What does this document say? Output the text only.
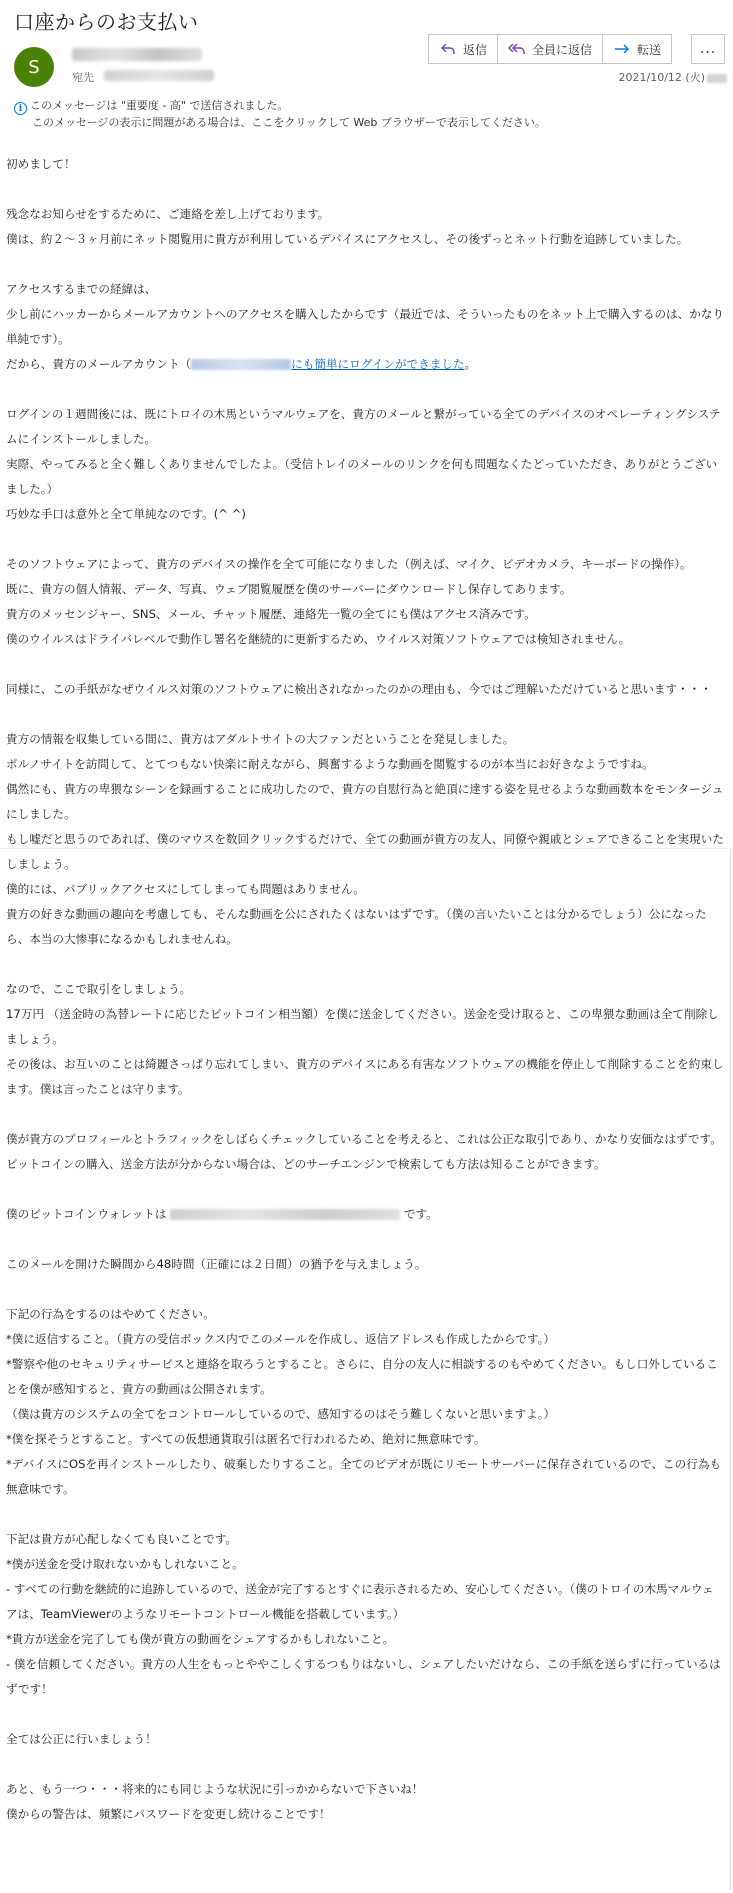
口座からのお支払い
S	宛先
返信	全員に返信	転送	...
2021/10/12 (火)
i このメッセージは "重要度 - 高" で送信されました。
このメッセージの表示に問題がある場合は、ここをクリックして Web ブラウザーで表示してください。

初めまして！

残念なお知らせをするために、ご連絡を差し上げております。

僕は、約２～３ヶ月前にネット閲覧用に貴方が利用しているデバイスにアクセスし、その後ずっとネット行動を追跡していました。

アクセスするまでの経緯は、

少し前にハッカーからメールアカウントへのアクセスを購入したからです（最近では、そういったものをネット上で購入するのは、かなり単純です）。

だから、貴方のメールアカウント（	にも簡単にログインができました。

ログインの１週間後には、既にトロイの木馬というマルウェアを、貴方のメールと繋がっている全てのデバイスのオペレーティングシステムにインストールしました。

実際、やってみると全く難しくありませんでしたよ。（受信トレイのメールのリンクを何も問題なくたどっていただき、ありがとうございました。）

巧妙な手口は意外と全て単純なのです。(^ ^)

そのソフトウェアによって、貴方のデバイスの操作を全て可能になりました（例えば、マイク、ビデオカメラ、キーボードの操作）。

既に、貴方の個人情報、データ、写真、ウェブ閲覧履歴を僕のサーバーにダウンロードし保存してあります。

貴方のメッセンジャー、SNS、メール、チャット履歴、連絡先一覧の全てにも僕はアクセス済みです。

僕のウイルスはドライバレベルで動作し署名を継続的に更新するため、ウイルス対策ソフトウェアでは検知されません。

同様に、この手紙がなぜウイルス対策のソフトウェアに検出されなかったのかの理由も、今ではご理解いただけていると思います・・・

貴方の情報を収集している間に、貴方はアダルトサイトの大ファンだということを発見しました。

ポルノサイトを訪問して、とてつもない快楽に耐えながら、興奮するような動画を閲覧するのが本当にお好きなようですね。

偶然にも、貴方の卑猥なシーンを録画することに成功したので、貴方の自慰行為と絶頂に達する姿を見せるような動画数本をモンタージュにしました。

もし嘘だと思うのであれば、僕のマウスを数回クリックするだけで、全ての動画が貴方の友人、同僚や親戚とシェアできることを実現いたしましょう。

僕的には、パブリックアクセスにしてしまっても問題はありません。

貴方の好きな動画の趣向を考慮しても、そんな動画を公にされたくはないはずです。（僕の言いたいことは分かるでしょう）公になったら、本当の大惨事になるかもしれませんね。

なので、ここで取引をしましょう。

17万円 （送金時の為替レートに応じたビットコイン相当額）を僕に送金してください。送金を受け取ると、この卑猥な動画は全て削除しましょう。

その後は、お互いのことは綺麗さっぱり忘れてしまい、貴方のデバイスにある有害なソフトウェアの機能を停止して削除することを約束します。僕は言ったことは守ります。

僕が貴方のプロフィールとトラフィックをしばらくチェックしていることを考えると、これは公正な取引であり、かなり安価なはずです。

ビットコインの購入、送金方法が分からない場合は、どのサーチエンジンで検索しても方法は知ることができます。

僕のビットコインウォレットは	です。

このメールを開けた瞬間から48時間（正確には２日間）の猶予を与えましょう。

下記の行為をするのはやめてください。

*僕に返信すること。（貴方の受信ボックス内でこのメールを作成し、返信アドレスも作成したからです。）

*警察や他のセキュリティサービスと連絡を取ろうとすること。さらに、自分の友人に相談するのもやめてください。もし口外していることを僕が感知すると、貴方の動画は公開されます。

（僕は貴方のシステムの全てをコントロールしているので、感知するのはそう難しくないと思いますよ。）

*僕を探そうとすること。すべての仮想通貨取引は匿名で行われるため、絶対に無意味です。

*デバイスにOSを再インストールしたり、破棄したりすること。全てのビデオが既にリモートサーバーに保存されているので、この行為も無意味です。

下記は貴方が心配しなくても良いことです。

*僕が送金を受け取れないかもしれないこと。

- すべての行動を継続的に追跡しているので、送金が完了するとすぐに表示されるため、安心してください。（僕のトロイの木馬マルウェアは、TeamViewerのようなリモートコントロール機能を搭載しています。）

*貴方が送金を完了しても僕が貴方の動画をシェアするかもしれないこと。

- 僕を信頼してください。貴方の人生をもっとややこしくするつもりはないし、シェアしたいだけなら、この手紙を送らずに行っているはずです！

全ては公正に行いましょう！

あと、もう一つ・・・将来的にも同じような状況に引っかからないで下さいね！

僕からの警告は、頻繁にパスワードを変更し続けることです！
